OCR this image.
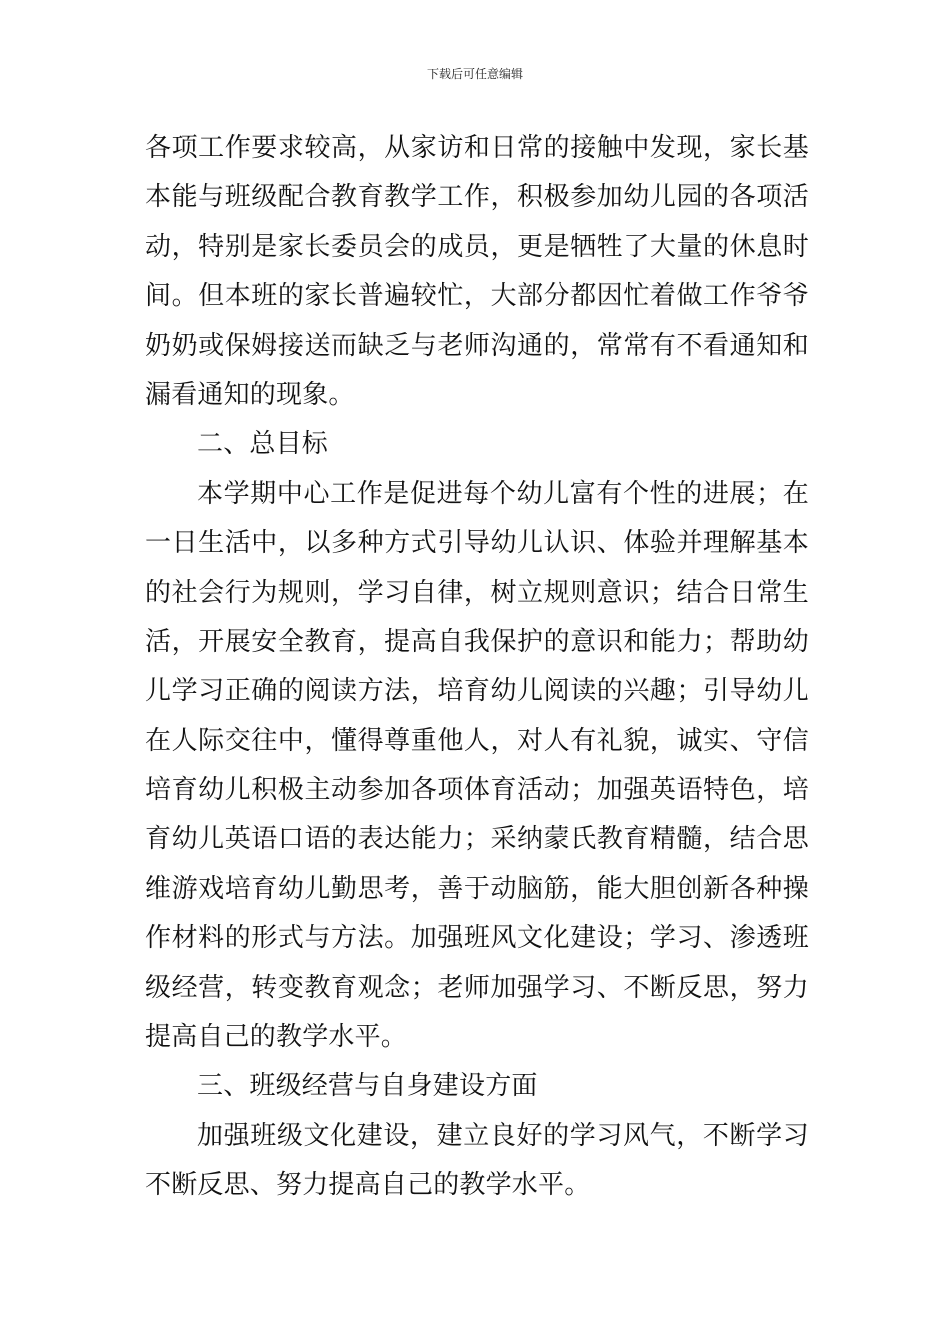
下载后可任意编辑
各项工作要求较高，从家访和日常的接触中发现，家长基
本能与班级配合教育教学工作，积极参加幼儿园的各项活
动，特别是家长委员会的成员，更是牺牲了大量的休息时
间。但本班的家长普遍较忙，大部分都因忙着做工作爷爷
奶奶或保姆接送而缺乏与老师沟通的，常常有不看通知和
漏看通知的现象。
二、总目标
本学期中心工作是促进每个幼儿富有个性的进展；在
一日生活中，以多种方式引导幼儿认识、体验并理解基本
的社会行为规则，学习自律，树立规则意识；结合日常生
活，开展安全教育，提高自我保护的意识和能力；帮助幼
儿学习正确的阅读方法，培育幼儿阅读的兴趣；引导幼儿
在人际交往中，懂得尊重他人，对人有礼貌，诚实、守信
培育幼儿积极主动参加各项体育活动；加强英语特色，培
育幼儿英语口语的表达能力；采纳蒙氏教育精髓，结合思
维游戏培育幼儿勤思考，善于动脑筋，能大胆创新各种操
作材料的形式与方法。加强班风文化建设；学习、渗透班
级经营，转变教育观念；老师加强学习、不断反思，努力
提高自己的教学水平。
三、班级经营与自身建设方面
加强班级文化建设，建立良好的学习风气，不断学习
不断反思、努力提高自己的教学水平。
